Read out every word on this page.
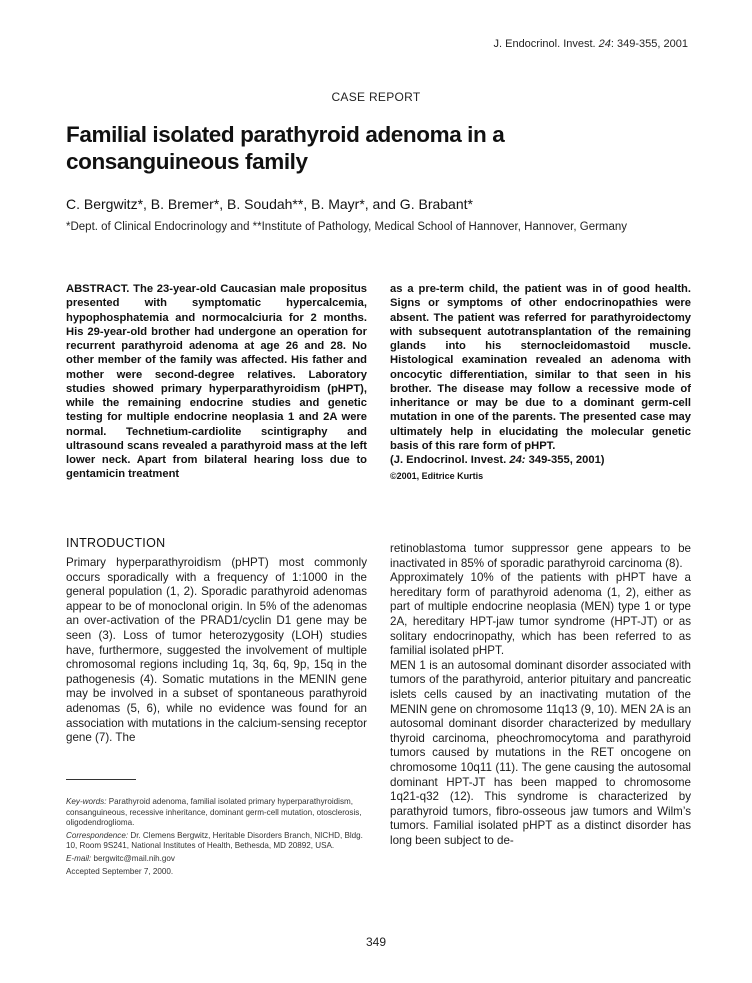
J. Endocrinol. Invest. 24: 349-355, 2001
CASE REPORT
Familial isolated parathyroid adenoma in a
consanguineous family
C. Bergwitz*, B. Bremer*, B. Soudah**, B. Mayr*, and G. Brabant*
*Dept. of Clinical Endocrinology and **Institute of Pathology, Medical School of Hannover, Hannover, Germany
ABSTRACT. The 23-year-old Caucasian male propositus presented with symptomatic hypercalcemia, hypophosphatemia and normocalciuria for 2 months. His 29-year-old brother had undergone an operation for recurrent parathyroid adenoma at age 26 and 28. No other member of the family was affected. His father and mother were second-degree relatives. Laboratory studies showed primary hyperparathyroidism (pHPT), while the remaining endocrine studies and genetic testing for multiple endocrine neoplasia 1 and 2A were normal. Technetium-cardiolite scintigraphy and ultrasound scans revealed a parathyroid mass at the left lower neck. Apart from bilateral hearing loss due to gentamicin treatment
as a pre-term child, the patient was in of good health. Signs or symptoms of other endocrinopathies were absent. The patient was referred for parathyroidectomy with subsequent autotransplantation of the remaining glands into his sternocleidomastoid muscle. Histological examination revealed an adenoma with oncocytic differentiation, similar to that seen in his brother. The disease may follow a recessive mode of inheritance or may be due to a dominant germ-cell mutation in one of the parents. The presented case may ultimately help in elucidating the molecular genetic basis of this rare form of pHPT.
(J. Endocrinol. Invest. 24: 349-355, 2001)
©2001, Editrice Kurtis
INTRODUCTION

Primary hyperparathyroidism (pHPT) most commonly occurs sporadically with a frequency of 1:1000 in the general population (1, 2). Sporadic parathyroid adenomas appear to be of monoclonal origin. In 5% of the adenomas an over-activation of the PRAD1/cyclin D1 gene may be seen (3). Loss of tumor heterozygosity (LOH) studies have, furthermore, suggested the involvement of multiple chromosomal regions including 1q, 3q, 6q, 9p, 15q in the pathogenesis (4). Somatic mutations in the MENIN gene may be involved in a subset of spontaneous parathyroid adenomas (5, 6), while no evidence was found for an association with mutations in the calcium-sensing receptor gene (7). The

retinoblastoma tumor suppressor gene appears to be inactivated in 85% of sporadic parathyroid carcinoma (8).

Approximately 10% of the patients with pHPT have a hereditary form of parathyroid adenoma (1, 2), either as part of multiple endocrine neoplasia (MEN) type 1 or type 2A, hereditary HPT-jaw tumor syndrome (HPT-JT) or as solitary endocrinopathy, which has been referred to as familial isolated pHPT.

MEN 1 is an autosomal dominant disorder associated with tumors of the parathyroid, anterior pituitary and pancreatic islets cells caused by an inactivating mutation of the MENIN gene on chromosome 11q13 (9, 10). MEN 2A is an autosomal dominant disorder characterized by medullary thyroid carcinoma, pheochromocytoma and parathyroid tumors caused by mutations in the RET oncogene on chromosome 10q11 (11). The gene causing the autosomal dominant HPT-JT has been mapped to chromosome 1q21-q32 (12). This syndrome is characterized by parathyroid tumors, fibro-osseous jaw tumors and Wilm’s tumors. Familial isolated pHPT as a distinct disorder has long been subject to de-

Key-words: Parathyroid adenoma, familial isolated primary hyperparathyroidism, consanguineous, recessive inheritance, dominant germ-cell mutation, otosclerosis, oligodendroglioma.

Correspondence: Dr. Clemens Bergwitz, Heritable Disorders Branch, NICHD, Bldg. 10, Room 9S241, National Institutes of Health, Bethesda, MD 20892, USA.

E-mail: bergwitc@mail.nih.gov

Accepted September 7, 2000.

349
